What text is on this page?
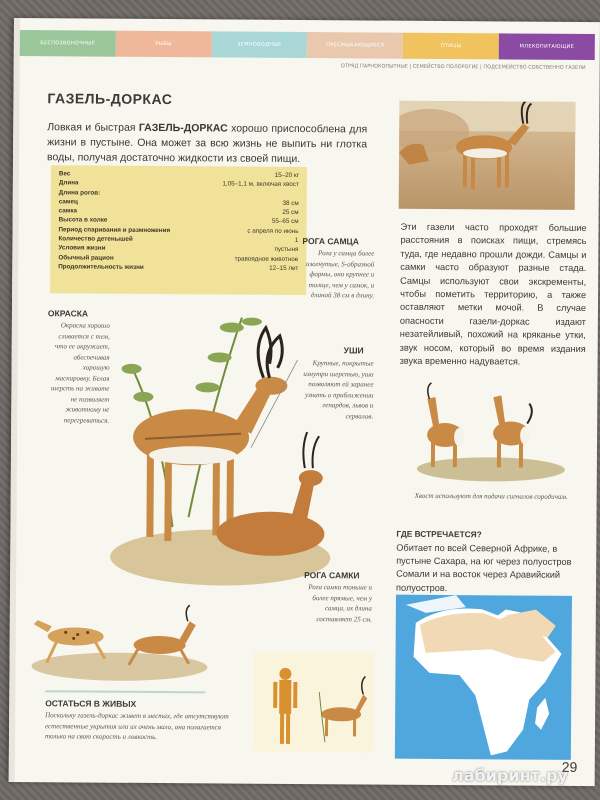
БЕСПОЗВОНОЧНЫЕ	РЫБЫ	ЗЕМНОВОДНЫЕ	ПРЕСМЫКАЮЩИЕСЯ	ПТИЦЫ	МЛЕКОПИТАЮЩИЕ
ОТРЯД ПАРНОКОПЫТНЫЕ | СЕМЕЙСТВО ПОЛОРОГИЕ | ПОДСЕМЕЙСТВО СОБСТВЕННО ГАЗЕЛИ
ГАЗЕЛЬ-ДОРКАС
Ловкая и быстрая ГАЗЕЛЬ-ДОРКАС хорошо приспособлена для жизни в пустыне. Она может за всю жизнь не выпить ни глотка воды, получая достаточно жидкости из своей пищи.
Вес	15–20 кг
Длина	1,05–1,1 м, включая хвост
Длина рогов:
самец	38 см
самка	25 см
Высота в холке	55–65 см
Период спаривания и размножения	с апреля по июнь
Количество детенышей	1
Условия жизни	пустыня
Обычный рацион	травоядное животное
Продолжительность жизни	12–15 лет
Эти газели часто проходят большие расстояния в поисках пищи, стремясь туда, где недавно прошли дожди. Самцы и самки часто образуют разные стада. Самцы используют свои экскременты, чтобы пометить территорию, а также оставляют метки мочой. В случае опасности газели-доркас издают незатейливый, похожий на кряканье утки, звук носом, который во время издания звука временно надувается.
РОГА САМЦА
Рога у самца более изогнутые, S-образной формы, они крупнее и толще, чем у самок, и длиной 38 см в длину.
УШИ
Крупные, покрытые изнутри шерстью, уши позволяют ей заранее узнать о приближении гепардов, львов и сервалов.
ОКРАСКА
Окраска хорошо сливается с тем, что ее окружает, обеспечивая хорошую маскировку. Белая шерсть на животе не позволяет животному не перегреваться.
РОГА САМКИ
Рога самки тоньше и более прямые, чем у самца, их длина составляет 25 см.
Хвост используют для подачи сигналов сородичам.
ГДЕ ВСТРЕЧАЕТСЯ?
Обитает по всей Северной Африке, в пустыне Сахара, на юг через полуостров Сомали и на восток через Аравийский полуостров.
ОСТАТЬСЯ В ЖИВЫХ
Поскольку газель-доркас живет в местах, где отсутствуют естественные укрытия или их очень мало, она полагается только на свою скорость и ловкость.
29
лабиринт.ру
